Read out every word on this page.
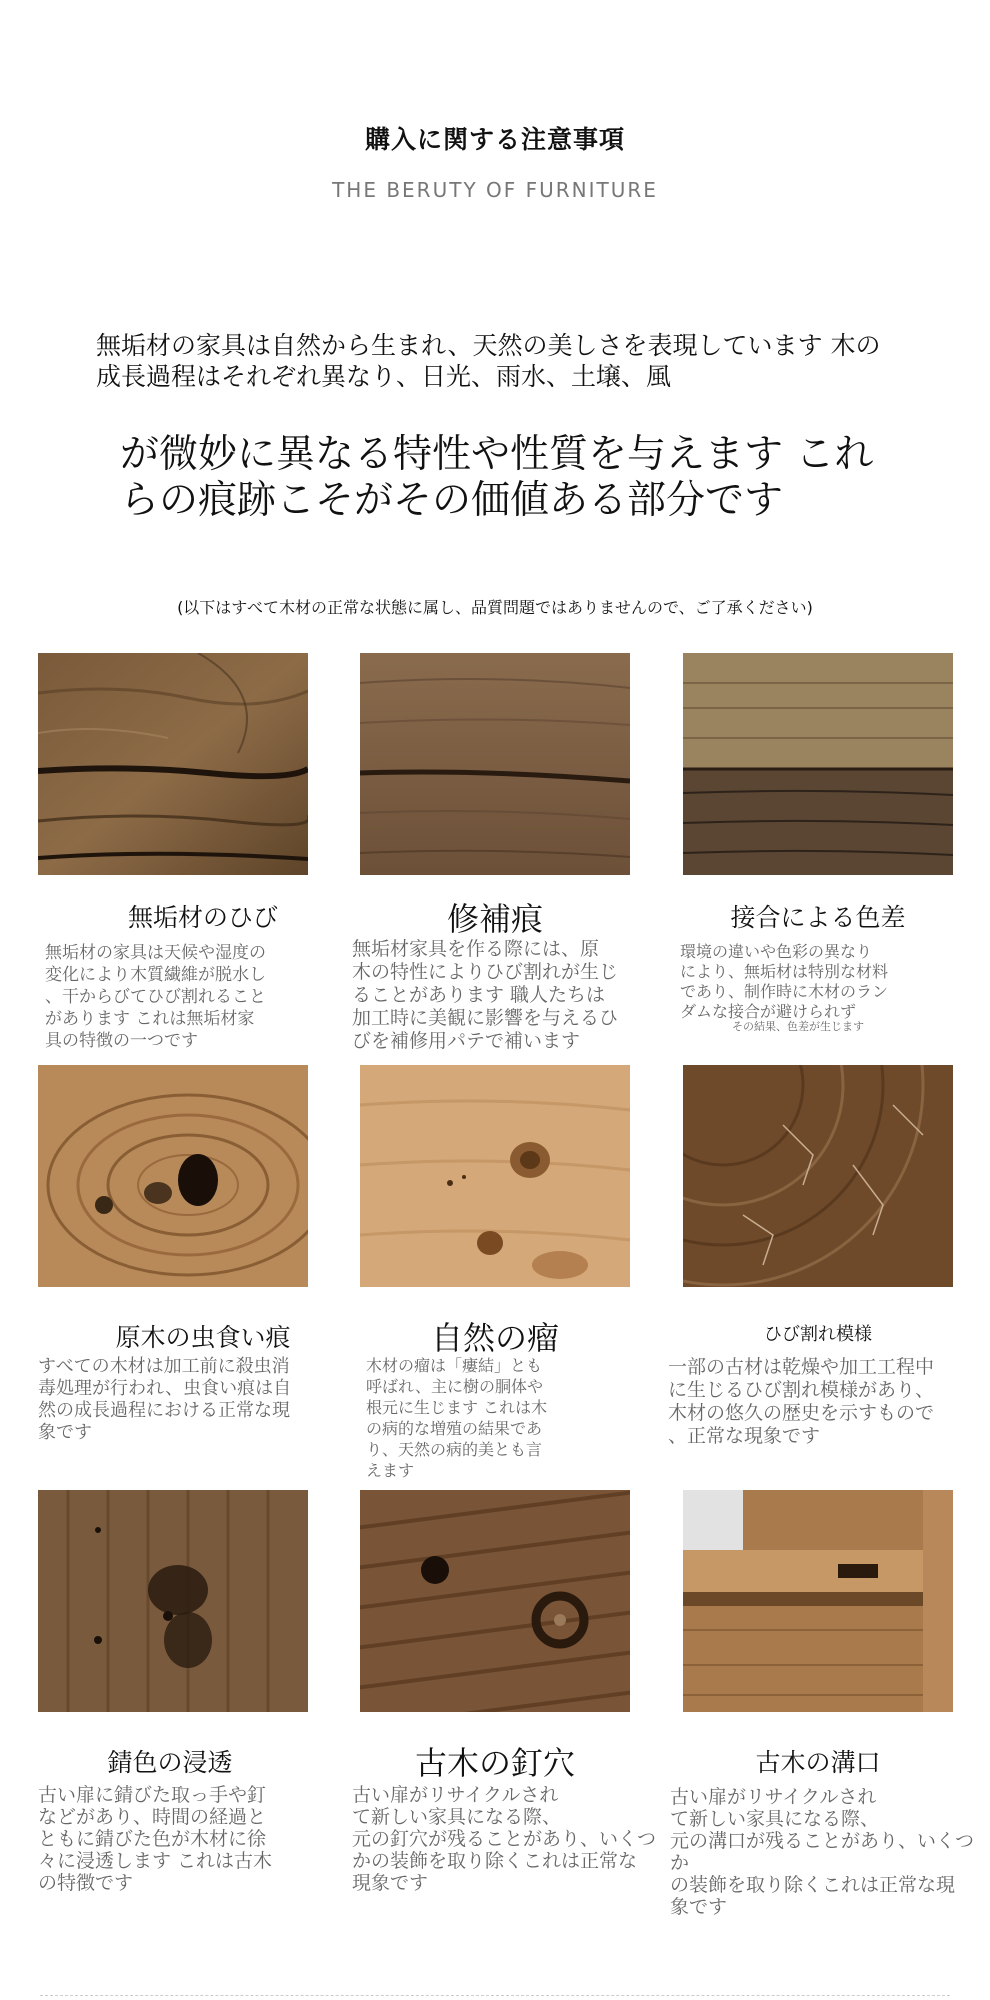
購入に関する注意事項
THE BERUTY OF FURNITURE
無垢材の家具は自然から生まれ、天然の美しさを表現しています 木の成長過程はそれぞれ異なり、日光、雨水、土壌、風
が微妙に異なる特性や性質を与えます これらの痕跡こそがその価値ある部分です
(以下はすべて木材の正常な状態に属し、品質問題ではありませんので、ご了承ください)
無垢材のひび
無垢材の家具は天候や湿度の
変化により木質繊維が脱水し
、干からびてひび割れること
があります これは無垢材家
具の特徴の一つです
修補痕
無垢材家具を作る際には、原
木の特性によりひび割れが生じ
ることがあります 職人たちは
加工時に美観に影響を与えるひ
びを補修用パテで補います
接合による色差
環境の違いや色彩の異なり
により、無垢材は特別な材料
であり、制作時に木材のラン
ダムな接合が避けられず
その結果、色差が生じます
原木の虫食い痕
すべての木材は加工前に殺虫消
毒処理が行われ、虫食い痕は自
然の成長過程における正常な現
象です
自然の瘤
木材の瘤は「瘻結」とも
呼ばれ、主に樹の胴体や
根元に生じます これは木
の病的な増殖の結果であ
り、天然の病的美とも言
えます
ひび割れ模様
一部の古材は乾燥や加工工程中
に生じるひび割れ模様があり、
木材の悠久の歴史を示すもので
、正常な現象です
錆色の浸透
古い扉に錆びた取っ手や釘
などがあり、時間の経過と
ともに錆びた色が木材に徐
々に浸透します これは古木
の特徴です
古木の釘穴
古い扉がリサイクルされ
て新しい家具になる際、
元の釘穴が残ることがあり、いくつ
かの装飾を取り除くこれは正常な
現象です
古木の溝口
古い扉がリサイクルされ
て新しい家具になる際、
元の溝口が残ることがあり、いくつか
の装飾を取り除くこれは正常な現
象です
